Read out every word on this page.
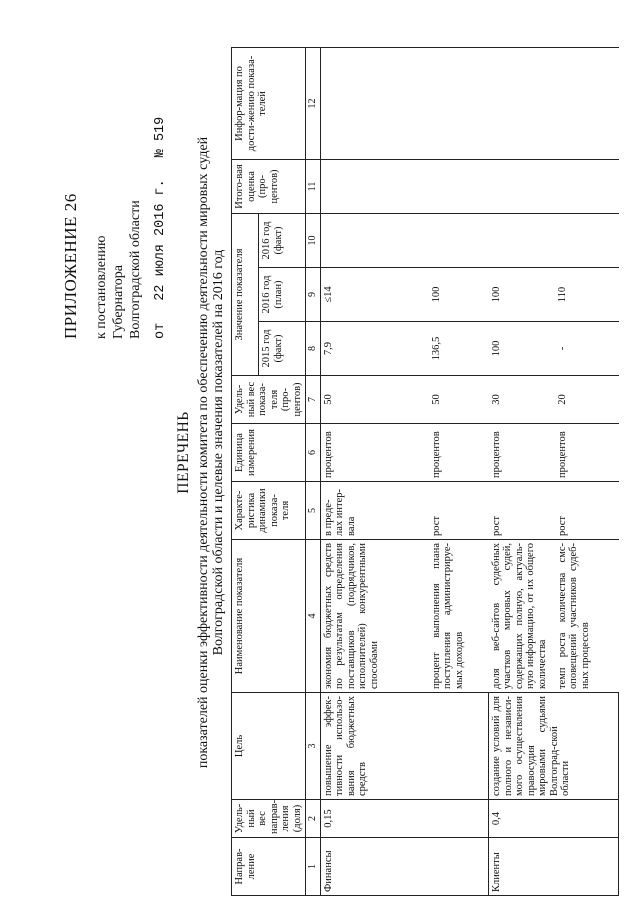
ПРИЛОЖЕНИЕ 26 к постановлению Губернатора Волгоградской области от22 июля 2016 г.№ 519
ПЕРЕЧЕНЬ показателей оценки эффективности деятельности комитета по обеспечению деятельности мировых судей Волгоградской области и целевые значения показателей на 2016 год
Направ-ление	Удель-ный вес направ-ления (доля)	Цель	Наименование показателя	Характе-ристика динамики показа-теля	Единица измерения	Удель-ный вес показа-теля (про-центов)	Значение показателя			Итого-вая оценка (про-центов)	Инфор-мация по дости-жению показа-телей
							2015 год (факт)	2016 год (план)	2016 год (факт)		
1	2	3	4	5	6	7	8	9	10	11	12
Финансы	0,15	повышение эффек-тивности использо-вания бюджетных средств	экономия бюджетных средств по результатам определения поставщиков (подрядчиков, исполнителей) конкурентными способами	в преде-лах интер-вала	процентов	50	7,9	≤14			
			процент выполнения плана поступления администрируе-мых доходов	рост	процентов	50	136,5	100			
Клиенты	0,4	создание условий для полного и независи-мого осуществления правосудия мировыми судьями Волгоград-ской области	доля веб-сайтов судебных участков мировых судей, содержащих полную, актуаль-ную информацию, от их общего количества	рост	процентов	30	100	100			
			темп роста количества смс-оповещений участников судеб-ных процессов	рост	процентов	20	-	110			
